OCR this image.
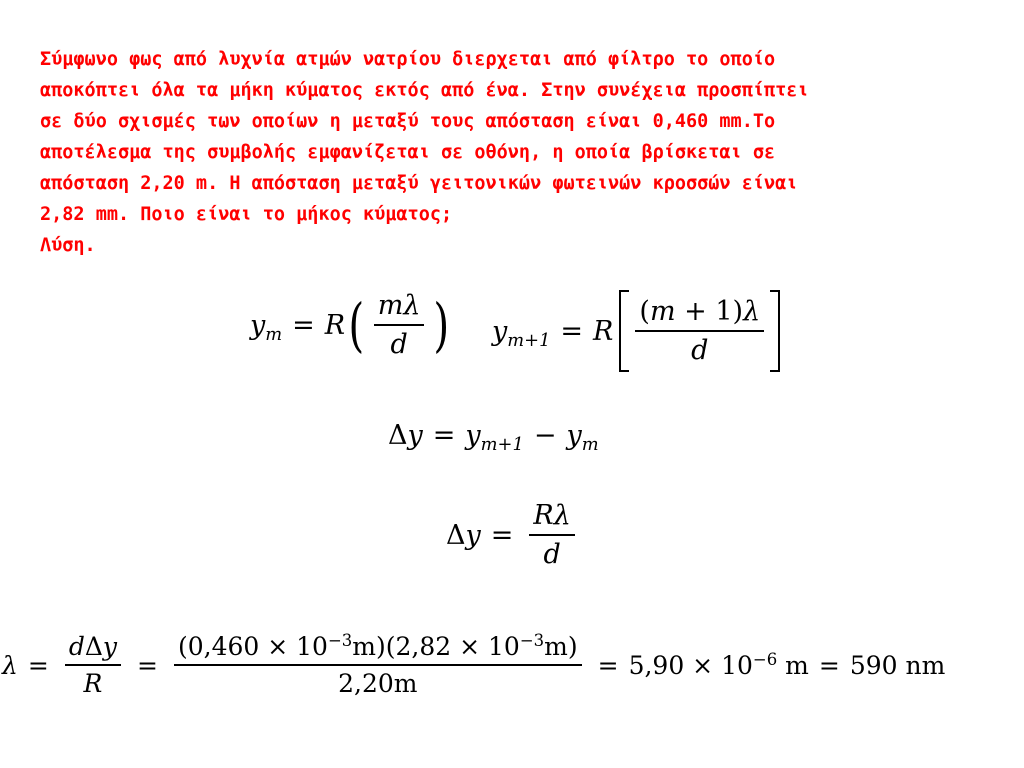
Σύμφωνο φως από λυχνία ατμών νατρίου διερχεται από φίλτρο το οποίο
αποκόπτει όλα τα μήκη κύματος εκτός από ένα. Στην συνέχεια προσπίπτει
σε δύο σχισμές των οποίων η μεταξύ τους απόσταση είναι 0,460 mm.Το
αποτέλεσμα της συμβολής εμφανίζεται σε οθόνη, η οποία βρίσκεται σε
απόσταση 2,20 m. Η απόσταση μεταξύ γειτονικών φωτεινών κροσσών είναι
2,82 mm. Ποιο είναι το μήκος κύματος;
Λύση.
$y_m = R$ ( $\frac{m\lambda}{d}$ ) $y_{m+1} = R \frac{(m + 1)\lambda}{d}$
$\Delta y = y_{m+1} - y_m$
$\Delta y = \frac{R\lambda}{d}$
$\lambda = \frac{\text{dΔy}}{R} = \frac{(0,460 \times 10^{-3}m)(2,82 \times 10^{-3}m)}{2,20m} = 5,90 \times 10^{-6}$ m = 590 nm
